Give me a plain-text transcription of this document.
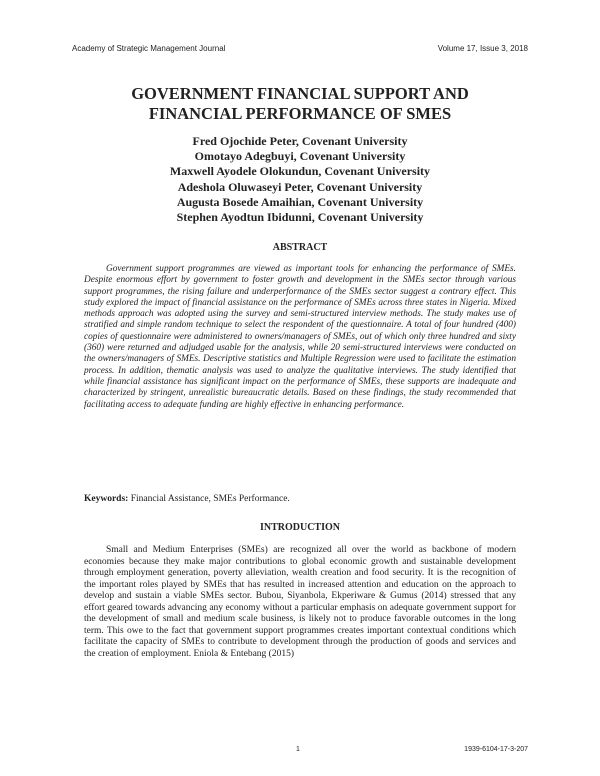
Academy of Strategic Management Journal	Volume 17, Issue 3, 2018
GOVERNMENT FINANCIAL SUPPORT AND
FINANCIAL PERFORMANCE OF SMES
Fred Ojochide Peter, Covenant University
Omotayo Adegbuyi, Covenant University
Maxwell Ayodele Olokundun, Covenant University
Adeshola Oluwaseyi Peter, Covenant University
Augusta Bosede Amaihian, Covenant University
Stephen Ayodtun Ibidunni, Covenant University
ABSTRACT

Government support programmes are viewed as important tools for enhancing the performance of SMEs. Despite enormous effort by government to foster growth and development in the SMEs sector through various support programmes, the rising failure and underperformance of the SMEs sector suggest a contrary effect. This study explored the impact of financial assistance on the performance of SMEs across three states in Nigeria. Mixed methods approach was adopted using the survey and semi-structured interview methods. The study makes use of stratified and simple random technique to select the respondent of the questionnaire. A total of four hundred (400) copies of questionnaire were administered to owners/managers of SMEs, out of which only three hundred and sixty (360) were returned and adjudged usable for the analysis, while 20 semi-structured interviews were conducted on the owners/managers of SMEs. Descriptive statistics and Multiple Regression were used to facilitate the estimation process. In addition, thematic analysis was used to analyze the qualitative interviews. The study identified that while financial assistance has significant impact on the performance of SMEs, these supports are inadequate and characterized by stringent, unrealistic bureaucratic details. Based on these findings, the study recommended that facilitating access to adequate funding are highly effective in enhancing performance.

Keywords: Financial Assistance, SMEs Performance.
INTRODUCTION

Small and Medium Enterprises (SMEs) are recognized all over the world as backbone of modern economies because they make major contributions to global economic growth and sustainable development through employment generation, poverty alleviation, wealth creation and food security. It is the recognition of the important roles played by SMEs that has resulted in increased attention and education on the approach to develop and sustain a viable SMEs sector. Bubou, Siyanbola, Ekperiware & Gumus (2014) stressed that any effort geared towards advancing any economy without a particular emphasis on adequate government support for the development of small and medium scale business, is likely not to produce favorable outcomes in the long term. This owe to the fact that government support programmes creates important contextual conditions which facilitate the capacity of SMEs to contribute to development through the production of goods and services and the creation of employment. Eniola & Entebang (2015)

1	1939-6104-17-3-207
